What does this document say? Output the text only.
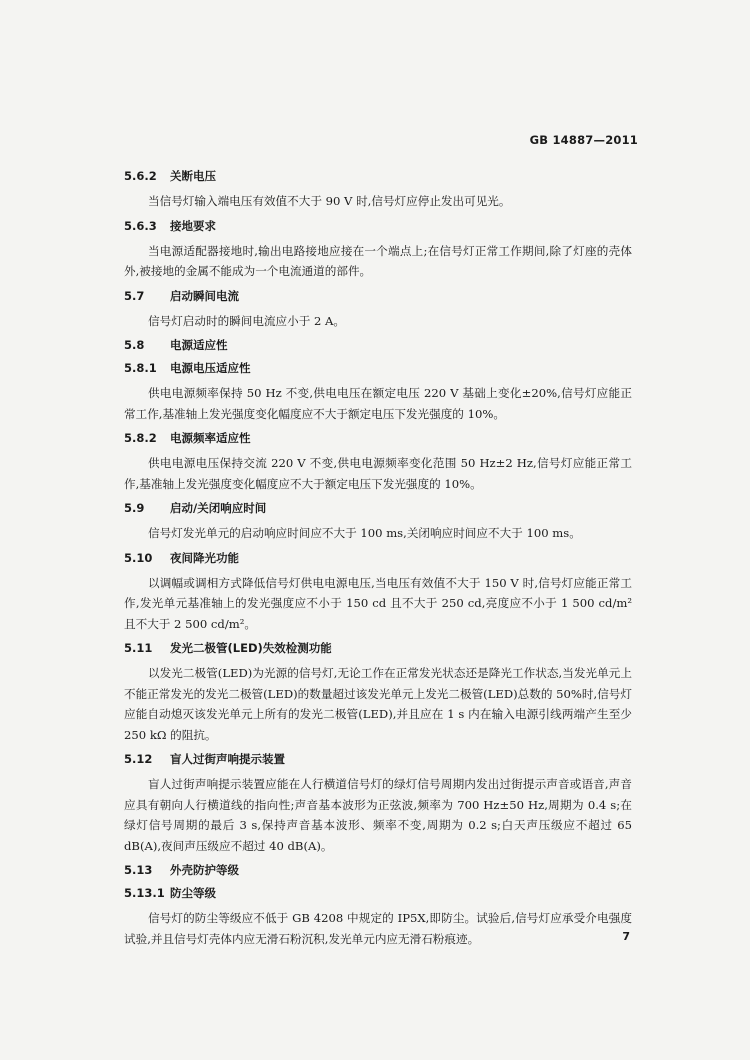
GB 14887—2011
5.6.2 关断电压

当信号灯输入端电压有效值不大于 90 V 时,信号灯应停止发出可见光。

5.6.3 接地要求

当电源适配器接地时,输出电路接地应接在一个端点上;在信号灯正常工作期间,除了灯座的壳体外,被接地的金属不能成为一个电流通道的部件。

5.7 启动瞬间电流

信号灯启动时的瞬间电流应小于 2 A。

5.8 电源适应性
5.8.1 电源电压适应性

供电电源频率保持 50 Hz 不变,供电电压在额定电压 220 V 基础上变化±20%,信号灯应能正常工作,基准轴上发光强度变化幅度应不大于额定电压下发光强度的 10%。

5.8.2 电源频率适应性

供电电源电压保持交流 220 V 不变,供电电源频率变化范围 50 Hz±2 Hz,信号灯应能正常工作,基准轴上发光强度变化幅度应不大于额定电压下发光强度的 10%。

5.9 启动/关闭响应时间

信号灯发光单元的启动响应时间应不大于 100 ms,关闭响应时间应不大于 100 ms。

5.10 夜间降光功能

以调幅或调相方式降低信号灯供电电源电压,当电压有效值不大于 150 V 时,信号灯应能正常工作,发光单元基准轴上的发光强度应不小于 150 cd 且不大于 250 cd,亮度应不小于 1 500 cd/m² 且不大于 2 500 cd/m²。

5.11 发光二极管(LED)失效检测功能

以发光二极管(LED)为光源的信号灯,无论工作在正常发光状态还是降光工作状态,当发光单元上不能正常发光的发光二极管(LED)的数量超过该发光单元上发光二极管(LED)总数的 50%时,信号灯应能自动熄灭该发光单元上所有的发光二极管(LED),并且应在 1 s 内在输入电源引线两端产生至少 250 kΩ 的阻抗。

5.12 盲人过街声响提示装置

盲人过街声响提示装置应能在人行横道信号灯的绿灯信号周期内发出过街提示声音或语音,声音应具有朝向人行横道线的指向性;声音基本波形为正弦波,频率为 700 Hz±50 Hz,周期为 0.4 s;在绿灯信号周期的最后 3 s,保持声音基本波形、频率不变,周期为 0.2 s;白天声压级应不超过 65 dB(A),夜间声压级应不超过 40 dB(A)。

5.13 外壳防护等级
5.13.1 防尘等级

信号灯的防尘等级应不低于 GB 4208 中规定的 IP5X,即防尘。试验后,信号灯应承受介电强度试验,并且信号灯壳体内应无滑石粉沉积,发光单元内应无滑石粉痕迹。	7
